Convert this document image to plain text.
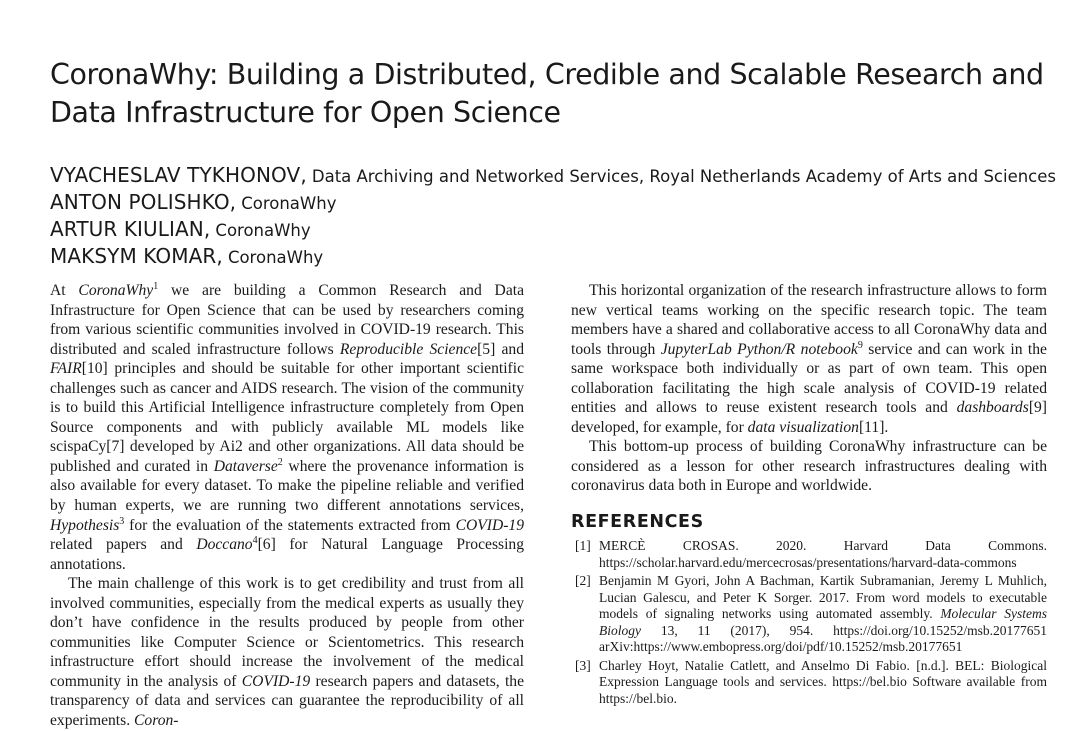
CoronaWhy: Building a Distributed, Credible and Scalable Research and Data Infrastructure for Open Science
VYACHESLAV TYKHONOV, Data Archiving and Networked Services, Royal Netherlands Academy of Arts and Sciences
ANTON POLISHKO, CoronaWhy
ARTUR KIULIAN, CoronaWhy
MAKSYM KOMAR, CoronaWhy

At CoronaWhy$^1$ we are building a Common Research and Data Infrastructure for Open Science that can be used by researchers coming from various scientific communities involved in COVID-19 research. This distributed and scaled infrastructure follows Reproducible Science[5] and FAIR[10] principles and should be suitable for other important scientific challenges such as cancer and AIDS research. The vision of the community is to build this Artificial Intelligence infrastructure completely from Open Source components and with publicly available ML models like scispaCy[7] developed by Ai2 and other organizations. All data should be published and curated in Dataverse$^2$ where the provenance information is also available for every dataset. To make the pipeline reliable and verified by human experts, we are running two different annotations services, Hypothesis$^3$ for the evaluation of the statements extracted from COVID-19 related papers and Doccano$^4$[6] for Natural Language Processing annotations.

The main challenge of this work is to get credibility and trust from all involved communities, especially from the medical experts as usually they don’t have confidence in the results produced by people from other communities like Computer Science or Scientometrics. This research infrastructure effort should increase the involvement of the medical community in the analysis of COVID-19 research papers and datasets, the transparency of data and services can guarantee the reproducibility of all experiments. Coron-

This horizontal organization of the research infrastructure allows to form new vertical teams working on the specific research topic. The team members have a shared and collaborative access to all CoronaWhy data and tools through JupyterLab Python/R notebook$^9$ service and can work in the same workspace both individually or as part of own team. This open collaboration facilitating the high scale analysis of COVID-19 related entities and allows to reuse existent research tools and dashboards[9] developed, for example, for data visualization[11].

This bottom-up process of building CoronaWhy infrastructure can be considered as a lesson for other research infrastructures dealing with coronavirus data both in Europe and worldwide.

REFERENCES
[1] MERCÈ CROSAS. 2020. Harvard Data Commons. https://scholar.harvard.edu/mercecrosas/presentations/harvard-data-commons
[2] Benjamin M Gyori, John A Bachman, Kartik Subramanian, Jeremy L Muhlich, Lucian Galescu, and Peter K Sorger. 2017. From word models to executable models of signaling networks using automated assembly. Molecular Systems Biology 13, 11 (2017), 954. https://doi.org/10.15252/msb.20177651 arXiv:https://www.embopress.org/doi/pdf/10.15252/msb.20177651
[3] Charley Hoyt, Natalie Catlett, and Anselmo Di Fabio. [n.d.]. BEL: Biological Expression Language tools and services. https://bel.bio Software available from https://bel.bio.
